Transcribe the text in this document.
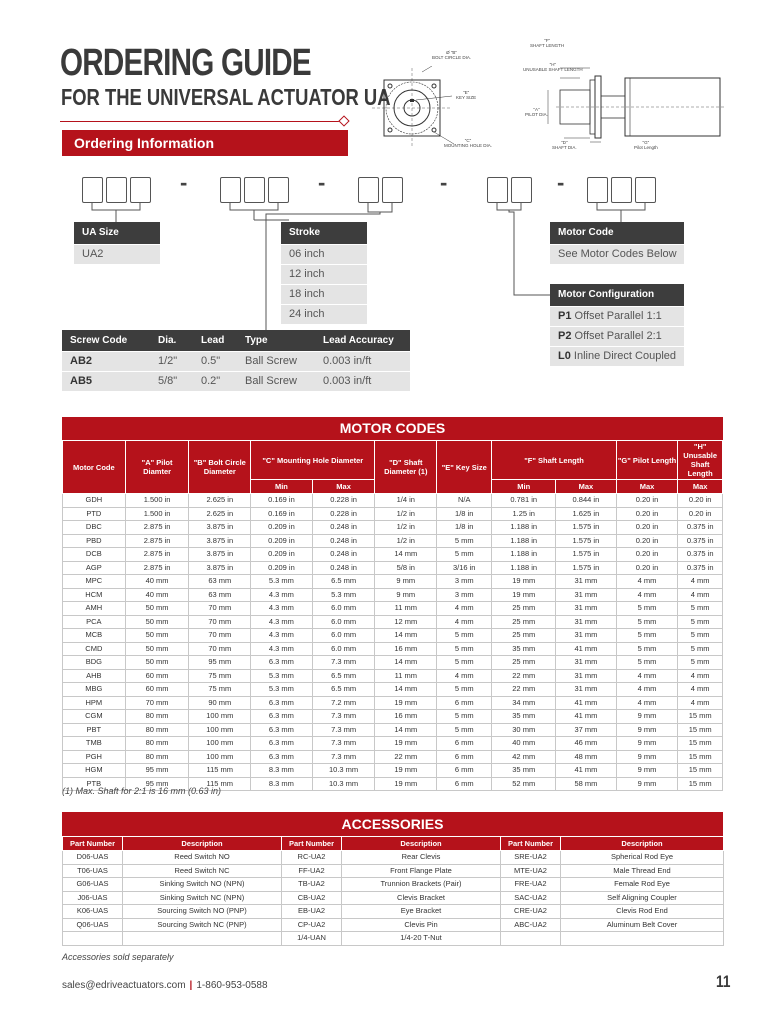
ORDERING GUIDE
FOR THE UNIVERSAL ACTUATOR UA
Ordering Information
Ø "B"
BOLT CIRCLE DIA.
"E"
KEY SIZE
"C"
MOUNTING HOLE DIA.
"F"
SHAFT LENGTH
"H"
UNUSABLE SHAFT LENGTH
"A"
PILOT DIA.
"D"
SHAFT DIA.
"G"
Pilot Length
-	-	-	-
UA Size
UA2
Stroke
06 inch
12 inch
18 inch
24 inch
Motor Code
See Motor Codes Below
Motor Configuration
P1 Offset Parallel 1:1
P2 Offset Parallel 2:1
L0 Inline Direct Coupled
Screw Code	Dia.	Lead	Type	Lead Accuracy
AB2	1/2"	0.5"	Ball Screw	0.003 in/ft
AB5	5/8"	0.2"	Ball Screw	0.003 in/ft
MOTOR CODES
Motor Code	"A" Pilot Diamter	"B" Bolt Circle Diameter	"C" Mounting Hole Diameter		"D" Shaft Diameter (1)	"E" Key Size	"F" Shaft Length		"G" Pilot Length	"H" Unusable Shaft Length
			Min	Max			Min	Max	Max	Max
GDH	1.500 in	2.625 in	0.169 in	0.228 in	1/4 in	N/A	0.781 in	0.844 in	0.20 in	0.20 in
PTD	1.500 in	2.625 in	0.169 in	0.228 in	1/2 in	1/8 in	1.25 in	1.625 in	0.20 in	0.20 in
DBC	2.875 in	3.875 in	0.209 in	0.248 in	1/2 in	1/8 in	1.188 in	1.575 in	0.20 in	0.375 in
PBD	2.875 in	3.875 in	0.209 in	0.248 in	1/2 in	5 mm	1.188 in	1.575 in	0.20 in	0.375 in
DCB	2.875 in	3.875 in	0.209 in	0.248 in	14 mm	5 mm	1.188 in	1.575 in	0.20 in	0.375 in
AGP	2.875 in	3.875 in	0.209 in	0.248 in	5/8 in	3/16 in	1.188 in	1.575 in	0.20 in	0.375 in
MPC	40 mm	63 mm	5.3 mm	6.5 mm	9 mm	3 mm	19 mm	31 mm	4 mm	4 mm
HCM	40 mm	63 mm	4.3 mm	5.3 mm	9 mm	3 mm	19 mm	31 mm	4 mm	4 mm
AMH	50 mm	70 mm	4.3 mm	6.0 mm	11 mm	4 mm	25 mm	31 mm	5 mm	5 mm
PCA	50 mm	70 mm	4.3 mm	6.0 mm	12 mm	4 mm	25 mm	31 mm	5 mm	5 mm
MCB	50 mm	70 mm	4.3 mm	6.0 mm	14 mm	5 mm	25 mm	31 mm	5 mm	5 mm
CMD	50 mm	70 mm	4.3 mm	6.0 mm	16 mm	5 mm	35 mm	41 mm	5 mm	5 mm
BDG	50 mm	95 mm	6.3 mm	7.3 mm	14 mm	5 mm	25 mm	31 mm	5 mm	5 mm
AHB	60 mm	75 mm	5.3 mm	6.5 mm	11 mm	4 mm	22 mm	31 mm	4 mm	4 mm
MBG	60 mm	75 mm	5.3 mm	6.5 mm	14 mm	5 mm	22 mm	31 mm	4 mm	4 mm
HPM	70 mm	90 mm	6.3 mm	7.2 mm	19 mm	6 mm	34 mm	41 mm	4 mm	4 mm
CGM	80 mm	100 mm	6.3 mm	7.3 mm	16 mm	5 mm	35 mm	41 mm	9 mm	15 mm
PBT	80 mm	100 mm	6.3 mm	7.3 mm	14 mm	5 mm	30 mm	37 mm	9 mm	15 mm
TMB	80 mm	100 mm	6.3 mm	7.3 mm	19 mm	6 mm	40 mm	46 mm	9 mm	15 mm
PGH	80 mm	100 mm	6.3 mm	7.3 mm	22 mm	6 mm	42 mm	48 mm	9 mm	15 mm
HGM	95 mm	115 mm	8.3 mm	10.3 mm	19 mm	6 mm	35 mm	41 mm	9 mm	15 mm
PTB	95 mm	115 mm	8.3 mm	10.3 mm	19 mm	6 mm	52 mm	58 mm	9 mm	15 mm
(1) Max. Shaft for 2:1 is 16 mm (0.63 in)
ACCESSORIES
Part Number	Description	Part Number	Description	Part Number	Description
D06-UAS	Reed Switch NO	RC-UA2	Rear Clevis	SRE-UA2	Spherical Rod Eye
T06-UAS	Reed Switch NC	FF-UA2	Front Flange Plate	MTE-UA2	Male Thread End
G06-UAS	Sinking Switch NO (NPN)	TB-UA2	Trunnion Brackets (Pair)	FRE-UA2	Female Rod Eye
J06-UAS	Sinking Switch NC (NPN)	CB-UA2	Clevis Bracket	SAC-UA2	Self Aligning Coupler
K06-UAS	Sourcing Switch NO (PNP)	EB-UA2	Eye Bracket	CRE-UA2	Clevis Rod End
Q06-UAS	Sourcing Switch NC (PNP)	CP-UA2	Clevis Pin	ABC-UA2	Aluminum Belt Cover
		1/4-UAN	1/4-20 T-Nut		
Accessories sold separately
sales@edriveactuators.com | 1-860-953-0588	11
